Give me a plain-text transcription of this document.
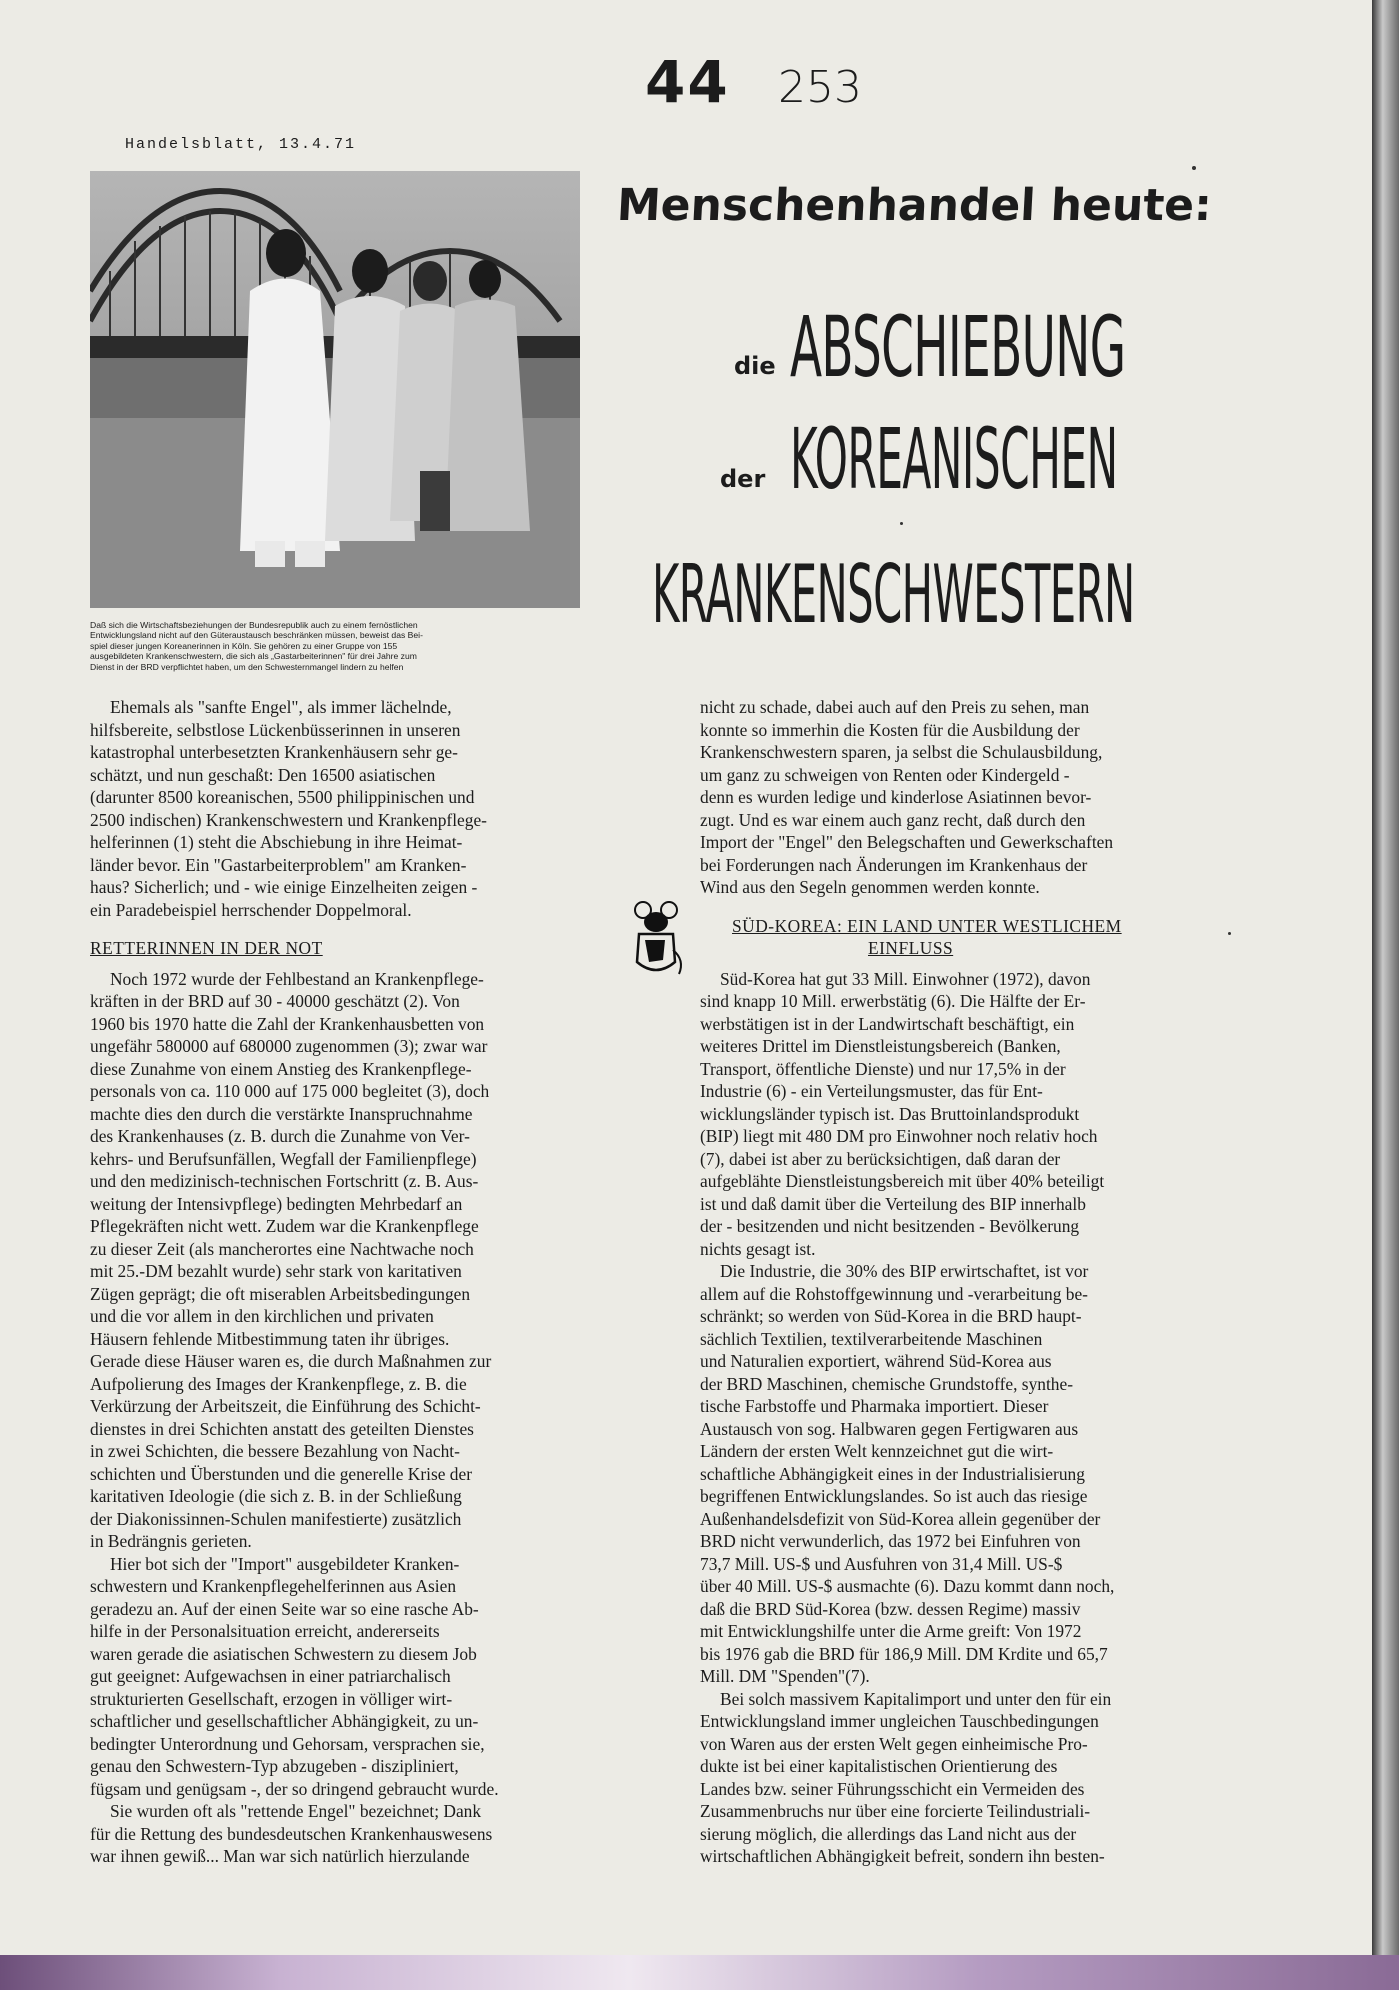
44 253
Handelsblatt, 13.4.71
Daß sich die Wirtschaftsbeziehungen der Bundesrepublik auch zu einem fernöstlichen
Entwicklungsland nicht auf den Güteraustausch beschränken müssen, beweist das Bei-
spiel dieser jungen Koreanerinnen in Köln. Sie gehören zu einer Gruppe von 155
ausgebildeten Krankenschwestern, die sich als „Gastarbeiterinnen" für drei Jahre zum
Dienst in der BRD verpflichtet haben, um den Schwesternmangel lindern zu helfen
Menschenhandel heute:
die ABSCHIEBUNG
der KOREANISCHEN
KRANKENSCHWESTERN

Ehemals als "sanfte Engel", als immer lächelnde,

hilfsbereite, selbstlose Lückenbüsserinnen in unseren

katastrophal unterbesetzten Krankenhäusern sehr ge-

schätzt, und nun geschaßt: Den 16500 asiatischen

(darunter 8500 koreanischen, 5500 philippinischen und

2500 indischen) Krankenschwestern und Krankenpflege-

helferinnen (1) steht die Abschiebung in ihre Heimat-

länder bevor. Ein "Gastarbeiterproblem" am Kranken-

haus? Sicherlich; und - wie einige Einzelheiten zeigen -

ein Paradebeispiel herrschender Doppelmoral.

RETTERINNEN IN DER NOT

Noch 1972 wurde der Fehlbestand an Krankenpflege-

kräften in der BRD auf 30 - 40000 geschätzt (2). Von

1960 bis 1970 hatte die Zahl der Krankenhausbetten von

ungefähr 580000 auf 680000 zugenommen (3); zwar war

diese Zunahme von einem Anstieg des Krankenpflege-

personals von ca. 110 000 auf 175 000 begleitet (3), doch

machte dies den durch die verstärkte Inanspruchnahme

des Krankenhauses (z. B. durch die Zunahme von Ver-

kehrs- und Berufsunfällen, Wegfall der Familienpflege)

und den medizinisch-technischen Fortschritt (z. B. Aus-

weitung der Intensivpflege) bedingten Mehrbedarf an

Pflegekräften nicht wett. Zudem war die Krankenpflege

zu dieser Zeit (als mancherortes eine Nachtwache noch

mit 25.-DM bezahlt wurde) sehr stark von karitativen

Zügen geprägt; die oft miserablen Arbeitsbedingungen

und die vor allem in den kirchlichen und privaten

Häusern fehlende Mitbestimmung taten ihr übriges.

Gerade diese Häuser waren es, die durch Maßnahmen zur

Aufpolierung des Images der Krankenpflege, z. B. die

Verkürzung der Arbeitszeit, die Einführung des Schicht-

dienstes in drei Schichten anstatt des geteilten Dienstes

in zwei Schichten, die bessere Bezahlung von Nacht-

schichten und Überstunden und die generelle Krise der

karitativen Ideologie (die sich z. B. in der Schließung

der Diakonissinnen-Schulen manifestierte) zusätzlich

in Bedrängnis gerieten.

Hier bot sich der "Import" ausgebildeter Kranken-

schwestern und Krankenpflegehelferinnen aus Asien

geradezu an. Auf der einen Seite war so eine rasche Ab-

hilfe in der Personalsituation erreicht, andererseits

waren gerade die asiatischen Schwestern zu diesem Job

gut geeignet: Aufgewachsen in einer patriarchalisch

strukturierten Gesellschaft, erzogen in völliger wirt-

schaftlicher und gesellschaftlicher Abhängigkeit, zu un-

bedingter Unterordnung und Gehorsam, versprachen sie,

genau den Schwestern-Typ abzugeben - diszipliniert,

fügsam und genügsam -, der so dringend gebraucht wurde.

Sie wurden oft als "rettende Engel" bezeichnet; Dank

für die Rettung des bundesdeutschen Krankenhauswesens

war ihnen gewiß... Man war sich natürlich hierzulande

nicht zu schade, dabei auch auf den Preis zu sehen, man

konnte so immerhin die Kosten für die Ausbildung der

Krankenschwestern sparen, ja selbst die Schulausbildung,

um ganz zu schweigen von Renten oder Kindergeld -

denn es wurden ledige und kinderlose Asiatinnen bevor-

zugt. Und es war einem auch ganz recht, daß durch den

Import der "Engel" den Belegschaften und Gewerkschaften

bei Forderungen nach Änderungen im Krankenhaus der

Wind aus den Segeln genommen werden konnte.

SÜD-KOREA: EIN LAND UNTER WESTLICHEM

EINFLUSS

Süd-Korea hat gut 33 Mill. Einwohner (1972), davon

sind knapp 10 Mill. erwerbstätig (6). Die Hälfte der Er-

werbstätigen ist in der Landwirtschaft beschäftigt, ein

weiteres Drittel im Dienstleistungsbereich (Banken,

Transport, öffentliche Dienste) und nur 17,5% in der

Industrie (6) - ein Verteilungsmuster, das für Ent-

wicklungsländer typisch ist. Das Bruttoinlandsprodukt

(BIP) liegt mit 480 DM pro Einwohner noch relativ hoch

(7), dabei ist aber zu berücksichtigen, daß daran der

aufgeblähte Dienstleistungsbereich mit über 40% beteiligt

ist und daß damit über die Verteilung des BIP innerhalb

der - besitzenden und nicht besitzenden - Bevölkerung

nichts gesagt ist.

Die Industrie, die 30% des BIP erwirtschaftet, ist vor

allem auf die Rohstoffgewinnung und -verarbeitung be-

schränkt; so werden von Süd-Korea in die BRD haupt-

sächlich Textilien, textilverarbeitende Maschinen

und Naturalien exportiert, während Süd-Korea aus

der BRD Maschinen, chemische Grundstoffe, synthe-

tische Farbstoffe und Pharmaka importiert. Dieser

Austausch von sog. Halbwaren gegen Fertigwaren aus

Ländern der ersten Welt kennzeichnet gut die wirt-

schaftliche Abhängigkeit eines in der Industrialisierung

begriffenen Entwicklungslandes. So ist auch das riesige

Außenhandelsdefizit von Süd-Korea allein gegenüber der

BRD nicht verwunderlich, das 1972 bei Einfuhren von

73,7 Mill. US-$ und Ausfuhren von 31,4 Mill. US-$

über 40 Mill. US-$ ausmachte (6). Dazu kommt dann noch,

daß die BRD Süd-Korea (bzw. dessen Regime) massiv

mit Entwicklungshilfe unter die Arme greift: Von 1972

bis 1976 gab die BRD für 186,9 Mill. DM Krdite und 65,7

Mill. DM "Spenden"(7).

Bei solch massivem Kapitalimport und unter den für ein

Entwicklungsland immer ungleichen Tauschbedingungen

von Waren aus der ersten Welt gegen einheimische Pro-

dukte ist bei einer kapitalistischen Orientierung des

Landes bzw. seiner Führungsschicht ein Vermeiden des

Zusammenbruchs nur über eine forcierte Teilindustriali-

sierung möglich, die allerdings das Land nicht aus der

wirtschaftlichen Abhängigkeit befreit, sondern ihn besten-
